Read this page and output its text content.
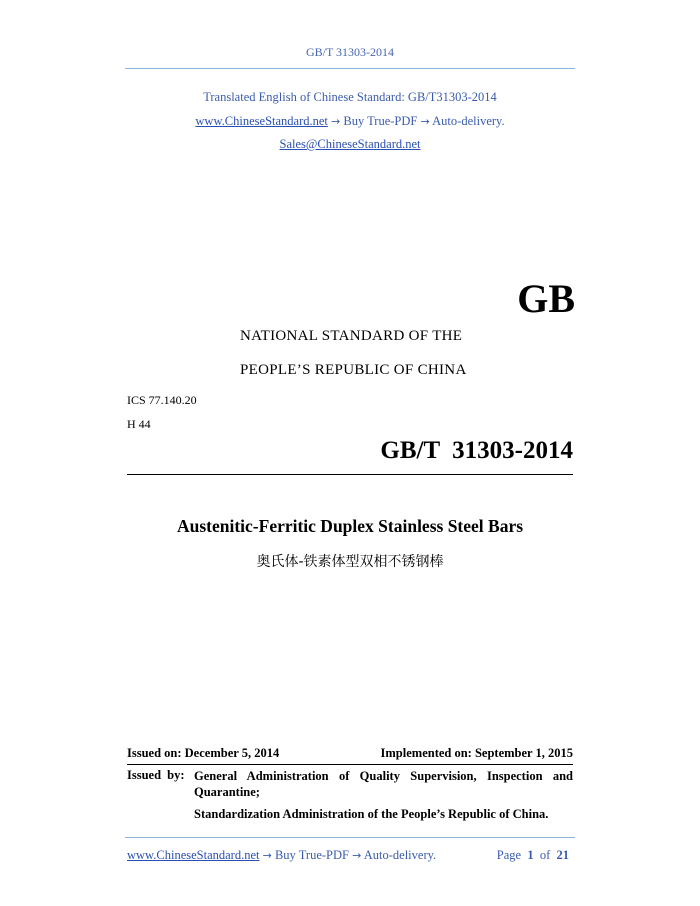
GB/T 31303-2014
Translated English of Chinese Standard: GB/T31303-2014
www.ChineseStandard.net → Buy True-PDF → Auto-delivery.
Sales@ChineseStandard.net
GB
NATIONAL STANDARD OF THE
PEOPLE’S REPUBLIC OF CHINA
ICS 77.140.20
H 44
GB/T  31303-2014
Austenitic-Ferritic Duplex Stainless Steel Bars
奥氏体-铁素体型双相不锈钢棒
Issued on: December 5, 2014	Implemented on: September 1, 2015
Issued by: General Administration of Quality Supervision, Inspection and
Quarantine;
Standardization Administration of the People’s Republic of China.
www.ChineseStandard.net → Buy True-PDF → Auto-delivery.	Page 1 of 21
